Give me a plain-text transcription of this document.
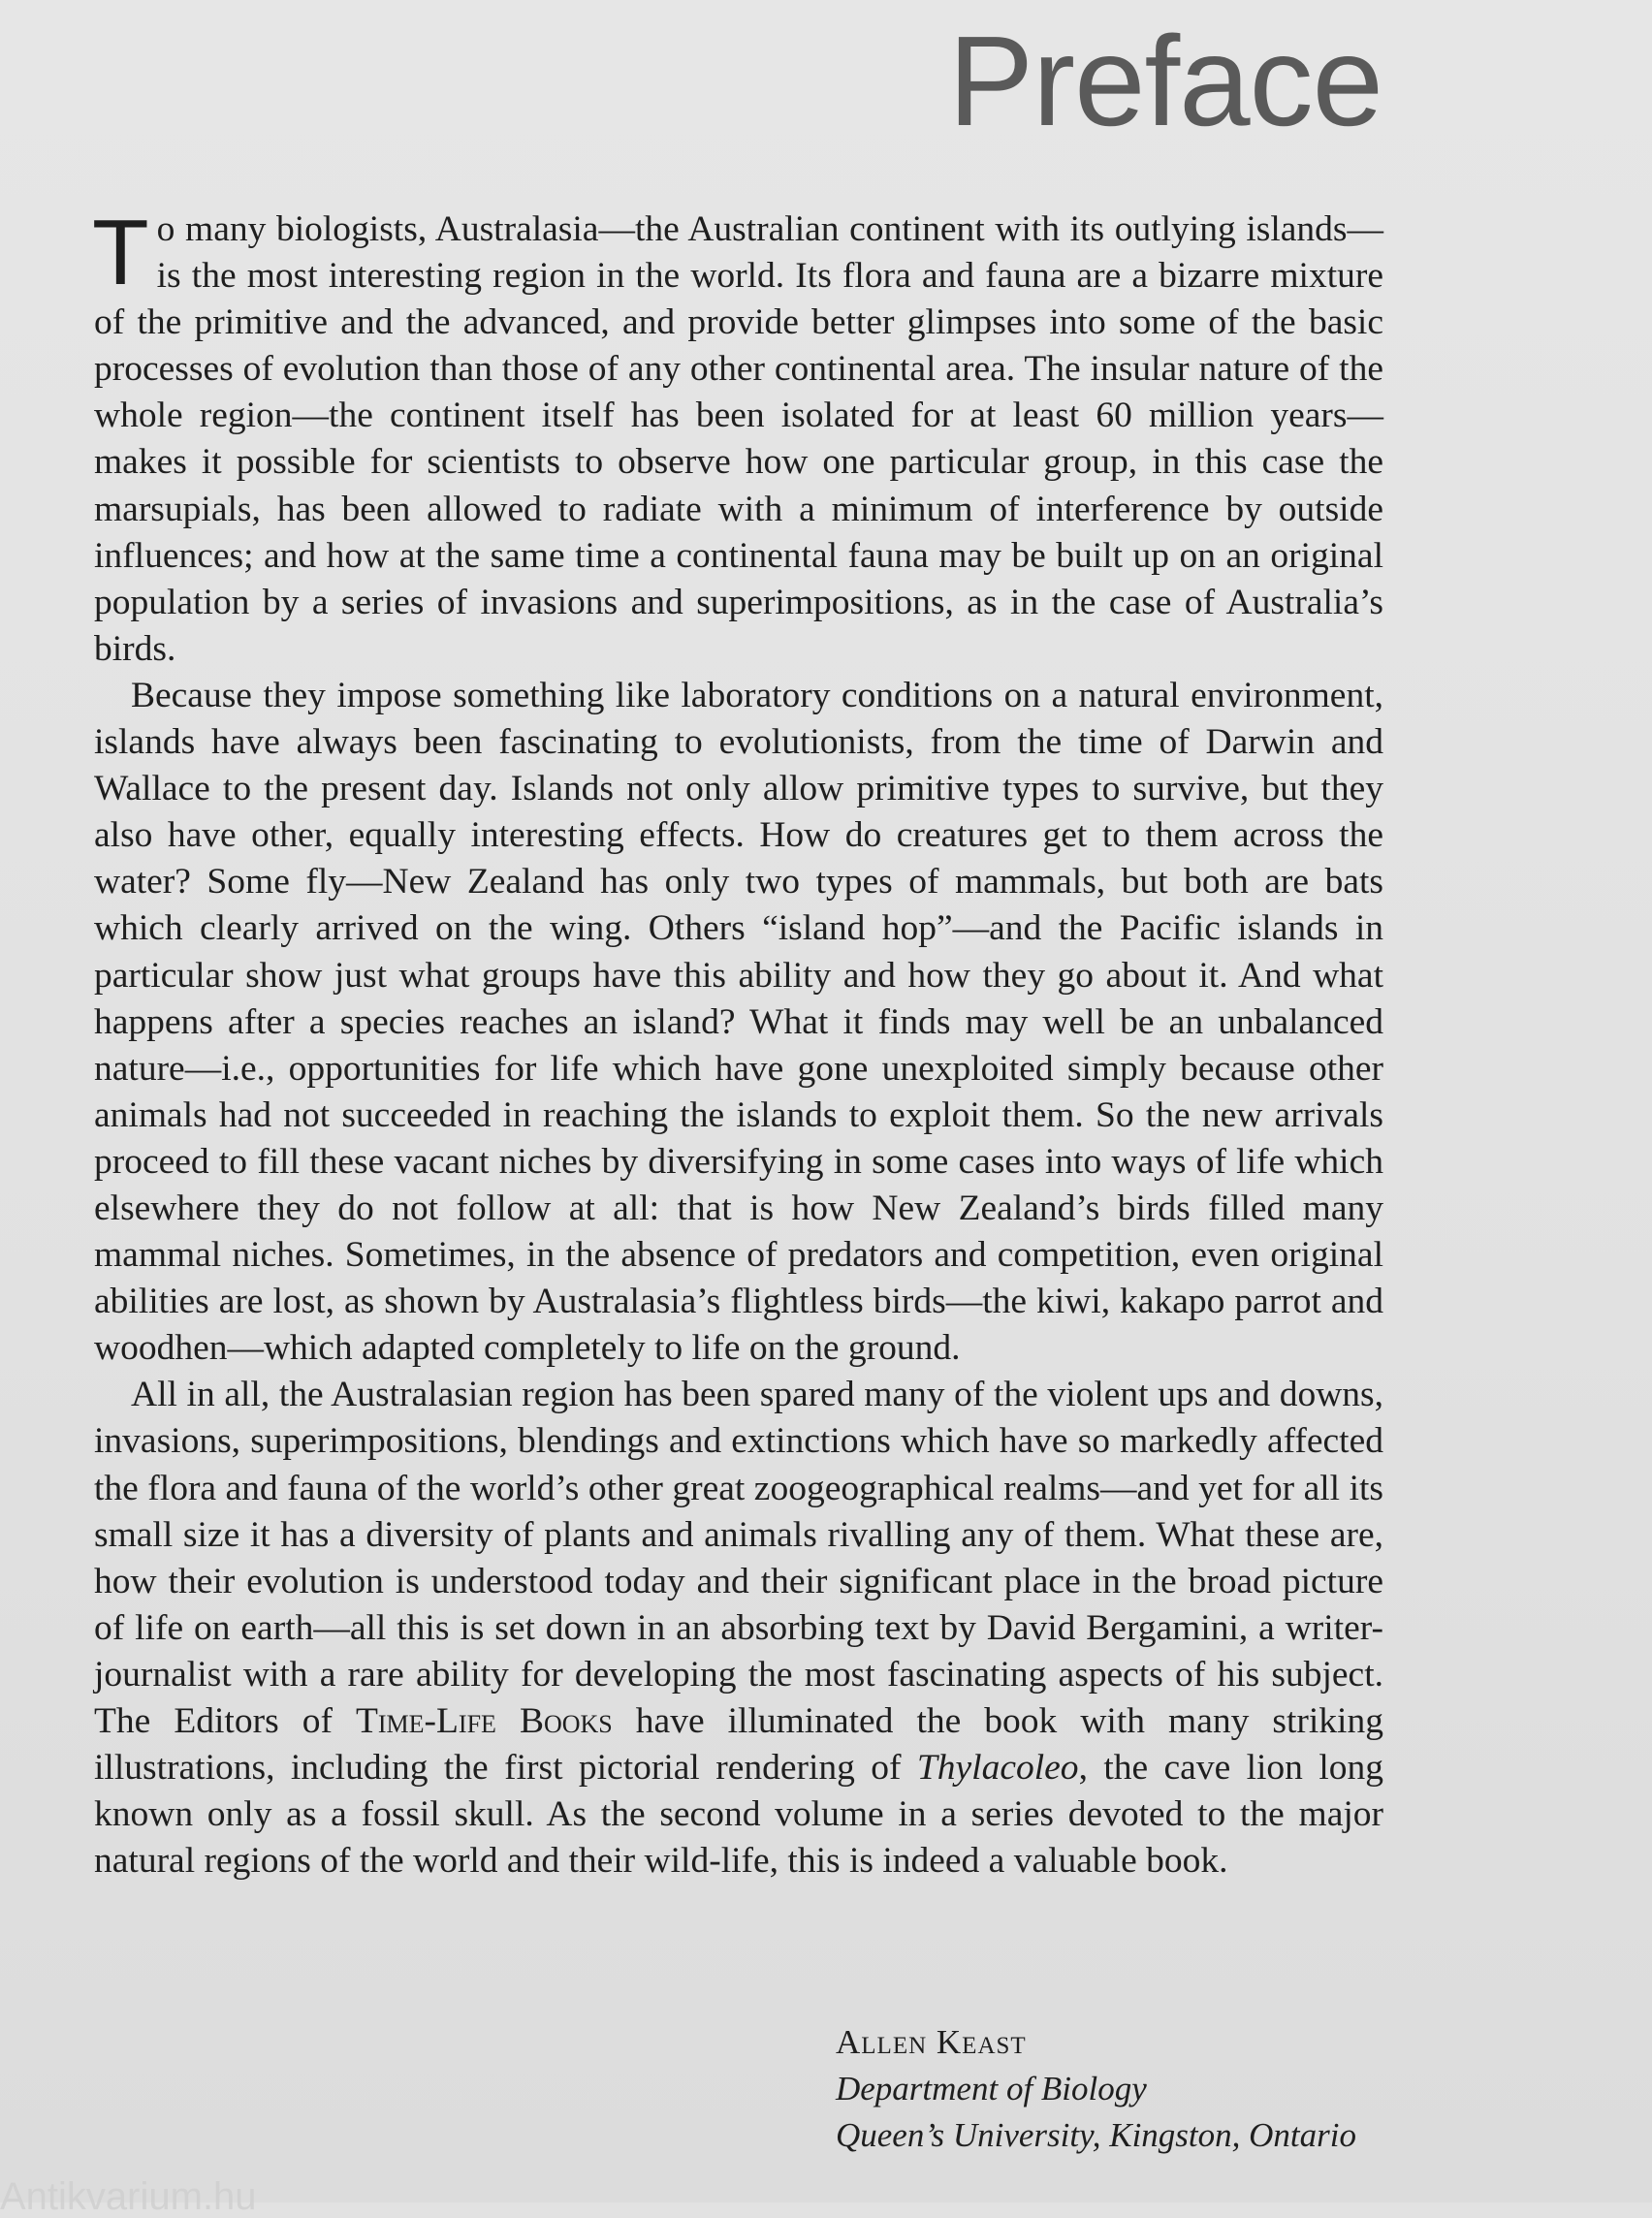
Preface

To many biologists, Australasia—the Australian continent with its outlying islands—is the most interesting region in the world. Its flora and fauna are a bizarre mixture of the primitive and the advanced, and provide better glimpses into some of the basic processes of evolution than those of any other continental area. The insular nature of the whole region—the continent itself has been isolated for at least 60 million years—makes it possible for scientists to observe how one particular group, in this case the marsupials, has been allowed to radiate with a minimum of interference by outside influences; and how at the same time a continental fauna may be built up on an original population by a series of invasions and superimpositions, as in the case of Australia’s birds.

Because they impose something like laboratory conditions on a natural environment, islands have always been fascinating to evolutionists, from the time of Darwin and Wallace to the present day. Islands not only allow primitive types to survive, but they also have other, equally interesting effects. How do creatures get to them across the water? Some fly—New Zealand has only two types of mammals, but both are bats which clearly arrived on the wing. Others “island hop”—and the Pacific islands in particular show just what groups have this ability and how they go about it. And what happens after a species reaches an island? What it finds may well be an unbalanced nature—i.e., opportunities for life which have gone unexploited simply because other animals had not succeeded in reaching the islands to exploit them. So the new arrivals proceed to fill these vacant niches by diversifying in some cases into ways of life which elsewhere they do not follow at all: that is how New Zealand’s birds filled many mammal niches. Sometimes, in the absence of predators and competition, even original abilities are lost, as shown by Australasia’s flightless birds—the kiwi, kakapo parrot and woodhen—which adapted completely to life on the ground.

All in all, the Australasian region has been spared many of the violent ups and downs, invasions, superimpositions, blendings and extinctions which have so markedly affected the flora and fauna of the world’s other great zoogeographical realms—and yet for all its small size it has a diversity of plants and animals rivalling any of them. What these are, how their evolution is understood today and their significant place in the broad picture of life on earth—all this is set down in an absorbing text by David Bergamini, a writer-journalist with a rare ability for developing the most fascinating aspects of his subject. The Editors of Time-Life Books have illuminated the book with many striking illustrations, including the first pictorial rendering of Thylacoleo, the cave lion long known only as a fossil skull. As the second volume in a series devoted to the major natural regions of the world and their wild-life, this is indeed a valuable book.

Allen Keast
Department of Biology
Queen’s University, Kingston, Ontario
Antikvarium.hu
